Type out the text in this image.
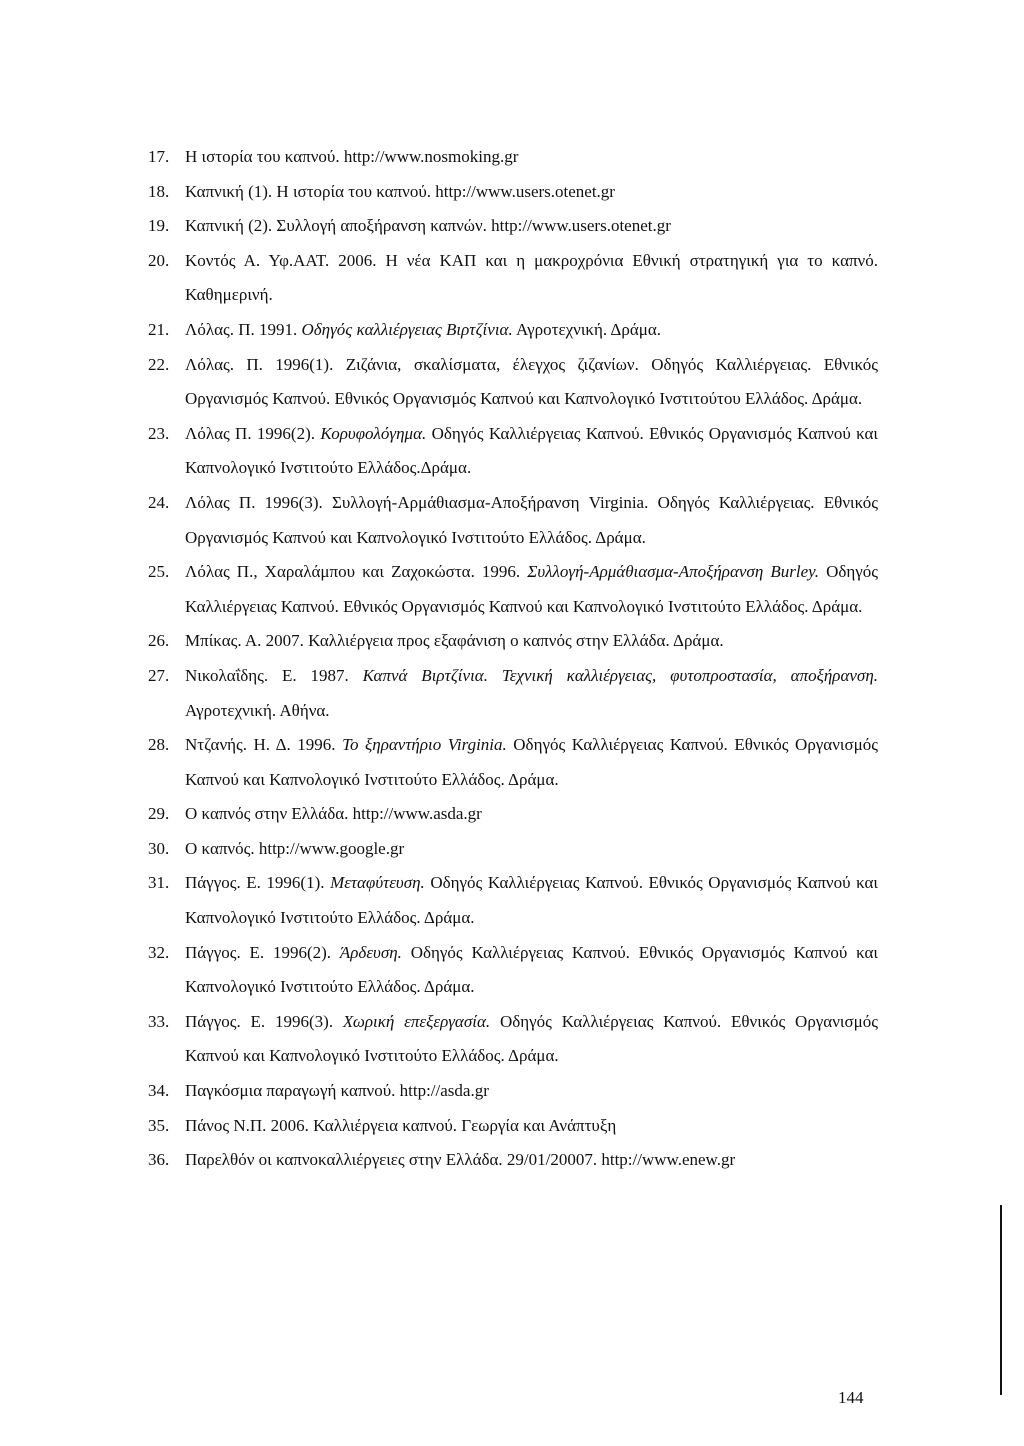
17. Η ιστορία του καπνού. http://www.nosmoking.gr

18. Καπνική (1). Η ιστορία του καπνού. http://www.users.otenet.gr

19. Καπνική (2). Συλλογή αποξήρανση καπνών. http://www.users.otenet.gr

20. Κοντός Α. Υφ.ΑΑΤ. 2006. Η νέα ΚΑΠ και η μακροχρόνια Εθνική στρατηγική για το καπνό. Καθημερινή.

21. Λόλας. Π. 1991. Οδηγός καλλιέργειας Βιρτζίνια. Αγροτεχνική. Δράμα.

22. Λόλας. Π. 1996(1). Ζιζάνια, σκαλίσματα, έλεγχος ζιζανίων. Οδηγός Καλλιέργειας. Εθνικός Οργανισμός Καπνού. Εθνικός Οργανισμός Καπνού και Καπνολογικό Ινστιτούτου Ελλάδος. Δράμα.

23. Λόλας Π. 1996(2). Κορυφολόγημα. Οδηγός Καλλιέργειας Καπνού. Εθνικός Οργανισμός Καπνού και Καπνολογικό Ινστιτούτο Ελλάδος.Δράμα.

24. Λόλας Π. 1996(3). Συλλογή-Αρμάθιασμα-Αποξήρανση Virginia. Οδηγός Καλλιέργειας. Εθνικός Οργανισμός Καπνού και Καπνολογικό Ινστιτούτο Ελλάδος. Δράμα.

25. Λόλας Π., Χαραλάμπου και Ζαχοκώστα. 1996. Συλλογή-Αρμάθιασμα-Αποξήρανση Burley. Οδηγός Καλλιέργειας Καπνού. Εθνικός Οργανισμός Καπνού και Καπνολογικό Ινστιτούτο Ελλάδος. Δράμα.

26. Μπίκας. Α. 2007. Καλλιέργεια προς εξαφάνιση ο καπνός στην Ελλάδα. Δράμα.

27. Νικολαΐδης. Ε. 1987. Καπνά Βιρτζίνια. Τεχνική καλλιέργειας, φυτοπροστασία, αποξήρανση. Αγροτεχνική. Αθήνα.

28. Ντζανής. Η. Δ. 1996. Το ξηραντήριο Virginia. Οδηγός Καλλιέργειας Καπνού. Εθνικός Οργανισμός Καπνού και Καπνολογικό Ινστιτούτο Ελλάδος. Δράμα.

29. Ο καπνός στην Ελλάδα. http://www.asda.gr

30. Ο καπνός. http://www.google.gr

31. Πάγγος. Ε. 1996(1). Μεταφύτευση. Οδηγός Καλλιέργειας Καπνού. Εθνικός Οργανισμός Καπνού και Καπνολογικό Ινστιτούτο Ελλάδος. Δράμα.

32. Πάγγος. Ε. 1996(2). Άρδευση. Οδηγός Καλλιέργειας Καπνού. Εθνικός Οργανισμός Καπνού και Καπνολογικό Ινστιτούτο Ελλάδος. Δράμα.

33. Πάγγος. Ε. 1996(3). Χωρική επεξεργασία. Οδηγός Καλλιέργειας Καπνού. Εθνικός Οργανισμός Καπνού και Καπνολογικό Ινστιτούτο Ελλάδος. Δράμα.

34. Παγκόσμια παραγωγή καπνού. http://asda.gr

35. Πάνος Ν.Π. 2006. Καλλιέργεια καπνού. Γεωργία και Ανάπτυξη

36. Παρελθόν οι καπνοκαλλιέργειες στην Ελλάδα. 29/01/20007. http://www.enew.gr

144
